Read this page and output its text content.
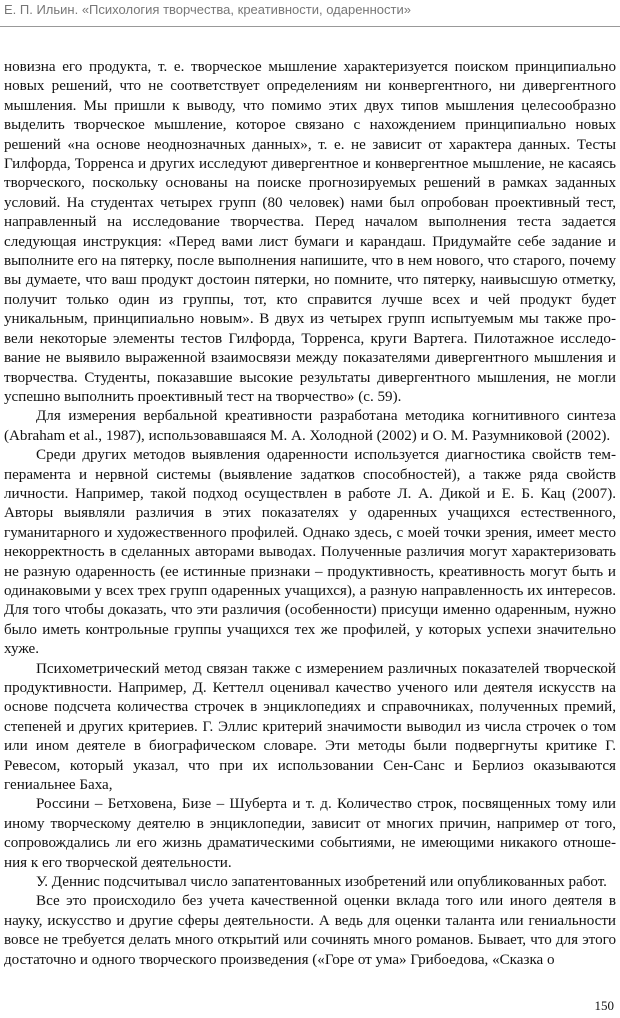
Е. П. Ильин. «Психология творчества, креативности, одаренности»

новизна его продукта, т. е. творческое мышление характеризуется поиском принципиально новых решений, что не соответствует определениям ни конвергентного, ни дивергентного мышления. Мы пришли к выводу, что помимо этих двух типов мышления целесообразно выделить творческое мышление, которое связано с нахождением принципиально новых решений «на основе неоднозначных данных», т. е. не зависит от характера данных. Тесты Гилфорда, Торренса и других исследуют дивергентное и конвергентное мышление, не касаясь творческого, поскольку основаны на поиске прогнозируемых решений в рамках заданных условий. На студентах четырех групп (80 человек) нами был опробован проективный тест, направленный на исследование творчества. Перед началом выполнения теста задается следующая инструкция: «Перед вами лист бумаги и карандаш. Придумайте себе задание и выполните его на пятерку, после выполнения напишите, что в нем нового, что старого, почему вы думаете, что ваш продукт достоин пятерки, но помните, что пятерку, наивысшую отметку, получит только один из группы, тот, кто справится лучше всех и чей продукт будет уникальным, принципиально новым». В двух из четырех групп испытуемым мы также провели некоторые элементы тестов Гилфорда, Торренса, круги Вартега. Пилотажное исследование не выявило выраженной взаимосвязи между показателями дивергентного мышления и творчества. Студенты, показавшие высокие результаты дивергентного мышления, не могли успешно выполнить проективный тест на творчество» (с. 59).

Для измерения вербальной креативности разработана методика когнитивного синтеза (Abraham et al., 1987), использовавшаяся М. А. Холодной (2002) и О. М. Разумниковой (2002).

Среди других методов выявления одаренности используется диагностика свойств темперамента и нервной системы (выявление задатков способностей), а также ряда свойств личности. Например, такой подход осуществлен в работе Л. А. Дикой и Е. Б. Кац (2007). Авторы выявляли различия в этих показателях у одаренных учащихся естественного, гуманитарного и художественного профилей. Однако здесь, с моей точки зрения, имеет место некорректность в сделанных авторами выводах. Полученные различия могут характеризовать не разную одаренность (ее истинные признаки – продуктивность, креативность могут быть и одинаковыми у всех трех групп одаренных учащихся), а разную направленность их интересов. Для того чтобы доказать, что эти различия (особенности) присущи именно одаренным, нужно было иметь контрольные группы учащихся тех же профилей, у которых успехи значительно хуже.

Психометрический метод связан также с измерением различных показателей творческой продуктивности. Например, Д. Кеттелл оценивал качество ученого или деятеля искусств на основе подсчета количества строчек в энциклопедиях и справочниках, полученных премий, степеней и других критериев. Г. Эллис критерий значимости выводил из числа строчек о том или ином деятеле в биографическом словаре. Эти методы были подвергнуты критике Г. Ревесом, который указал, что при их использовании Сен-Санс и Берлиоз оказываются гениальнее Баха,

Россини – Бетховена, Бизе – Шуберта и т. д. Количество строк, посвященных тому или иному творческому деятелю в энциклопедии, зависит от многих причин, например от того, сопровождались ли его жизнь драматическими событиями, не имеющими никакого отношения к его творческой деятельности.

У. Деннис подсчитывал число запатентованных изобретений или опубликованных работ.

Все это происходило без учета качественной оценки вклада того или иного деятеля в науку, искусство и другие сферы деятельности. А ведь для оценки таланта или гениальности вовсе не требуется делать много открытий или сочинять много романов. Бывает, что для этого достаточно и одного творческого произведения («Горе от ума» Грибоедова, «Сказка о

150
